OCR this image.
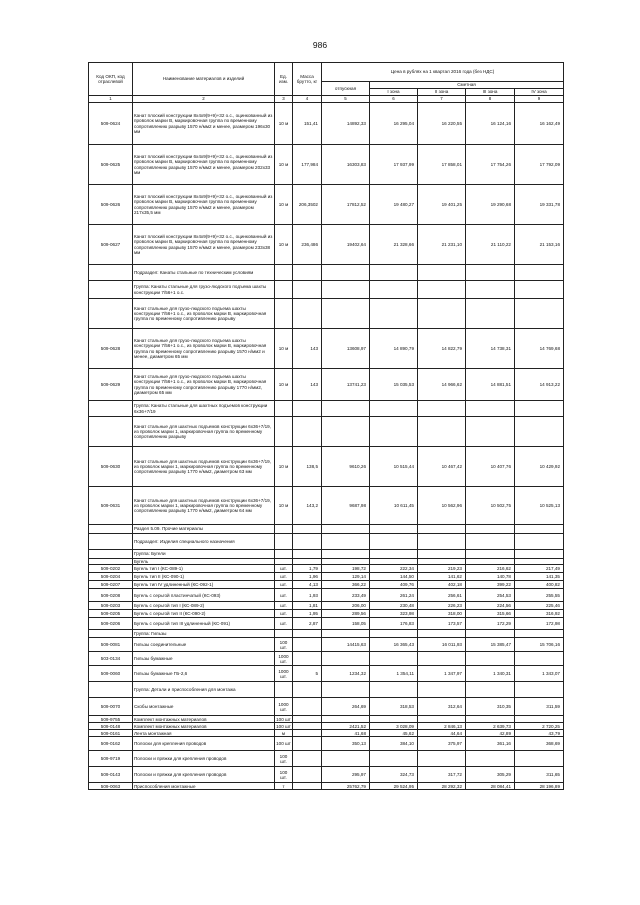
986
Код ОКП, код отраслевой	Наименование материалов и изделий	Ед. изм.	Масса брутто, кг	Цена в рублях на 1 квартал 2016 года (без НДС)				
				отпускная	Сметная			
					I зона	II зона	III зона	IV зона
1	2	3	4	5	6	7	8	9
509-0624	Канат плоский конструкции 8х4х9(9+9)+32 о.с., оцинкованный из проволок марки В, маркировочная группа по временному сопротивлению разрыву 1570 н/мм2 и менее, размером 196х30 мм	10 м	151,41	14892,33	16 295,04	16 220,55	16 124,16	16 162,49
509-0625	Канат плоский конструкции 6х4х9(9+9)+32 о.с., оцинкованный из проволок марки В, маркировочная группа по временному сопротивлению разрыву 1570 н/мм2 и менее, размером 202х33 мм	10 м	177,984	16303,83	17 937,99	17 858,01	17 754,26	17 792,09
509-0626	Канат плоский конструкции 8х4х9(9+9)+32 о.с., оцинкованный из проволок марки В, маркировочная группа по временному сопротивлению разрыву 1570 н/мм2 и менее, размером 217х35,5 мм	10 м	206,3502	17812,52	19 480,27	19 401,25	19 290,68	19 331,78
509-0627	Канат плоский конструкции 8х4х9(9+9)+32 о.с., оцинкованный из проволок марки В, маркировочная группа по временному сопротивлению разрыву 1570 н/мм2 и менее, размером 233х38 мм	10 м	236,486	19402,64	21 328,66	21 231,10	21 110,22	21 153,16
	Подраздел: Канаты стальные по техническим условиям							
	Группа: Канаты стальные для грузо-людского подъема шахты конструкции 7/56+1 о.с.							
	Канат стальные для грузо-людского подъема шахты конструкции 7/56+1 о.с., из проволок марки В, маркировочная группа по временному сопротивлению разрыву							
509-0628	Канат стальные для грузо-людского подъема шахты конструкции 7/56+1 о.с., из проволок марки В, маркировочная группа по временному сопротивлению разрыву 1570 н/мм2 и менее, диаметром 65 мм	10 м	143	13608,97	14 890,79	14 822,79	14 738,31	14 769,68
509-0629	Канат стальные для грузо-людского подъема шахты конструкции 7/56+1 о.с., из проволок марки В, маркировочная группа по временному сопротивлению разрыву 1770 н/мм2, диаметром 65 мм	10 м	143	13741,23	15 035,53	14 966,62	14 881,51	14 913,22
	Группа: Канаты стальные для шахтных подъемов конструкции 6х36+7/19							
	Канат стальные для шахтных подъемов конструкции 6х36+7/19, из проволок марки 1, маркировочная группа по временному сопротивлению разрыву							
509-0630	Канат стальные для шахтных подъемов конструкции 6х36+7/19, из проволок марки 1, маркировочная группа по временному сопротивлению разрыву 1770 н/мм2, диаметром 63 мм	10 м	138,5	9610,26	10 515,44	10 467,42	10 407,76	10 429,92
509-0631	Канат стальные для шахтных подъемов конструкции 6х36+7/19, из проволок марки 1, маркировочная группа по временному сопротивлению разрыву 1770 н/мм2, диаметром 64 мм	10 м	143,2	9687,98	10 611,45	10 562,96	10 502,75	10 525,13
	Раздел 5.09. Прочие материалы							
	Подраздел: Изделия специального назначения							
	Группа: Бугели							
	Бугель							
509-0202	Бугель тип I (КС-089-1)	шт.	1,79	198,72	222,34	219,23	216,62	217,49
509-0204	Бугель тип II (КС-090-1)	шт.	1,96	129,14	144,50	141,62	140,78	141,35
509-0207	Бугель тип IV удлиненный (КС-092-1)	шт.	4,13	366,22	409,76	402,18	399,22	400,82
509-0208	Бугель с серьгой пластинчатый (КС-093)	шт.	1,93	233,49	261,24	256,61	254,53	255,55
509-0203	Бугель с серьгой тип I (КС-089-2)	шт.	1,81	206,00	230,48	226,23	224,56	225,46
509-0205	Бугель с серьгой тип II (КС-090-2)	шт.	1,95	289,56	323,98	318,00	315,66	316,92
509-0206	Бугель с серьгой тип III удлиненный (КС-091)	шт.	2,87	158,05	176,83	173,57	172,29	172,98
	Группа: Гильзы							
509-0081	Гильзы соединительные	100 шт.		14415,63	16 365,43	16 011,93	15 385,47	15 706,16
503-0134	Гильзы бумажные	1000 шт.						
509-0060	Гильзы бумажные ГБ-2,6	1000 шт.	5	1234,32	1 354,11	1 347,97	1 340,31	1 343,07
	Группа: Детали и приспособления для монтажа							
509-0070	Скобы монтажные	1000 шт.		264,69	318,53	312,64	310,35	311,59
509-9755	Комплект монтажных материалов	100 шт						
509-0148	Комплект монтажных материалов	100 шт		2421,52	3 028,09	2 846,13	2 639,73	2 720,25
509-0161	Лента монтажная	м		41,68	45,62	44,64	42,89	43,79
509-0162	Полоски для крепления проводов	100 шт		350,13	384,10	375,97	361,16	368,69
509-9719	Полоски и пряжки для крепления проводов	100 шт.						
509-0143	Полоски и пряжки для крепления проводов	100 шт.		295,97	324,73	317,72	305,29	311,65
509-0063	Приспособления монтажные	т		25762,79	29 524,95	28 292,32	28 084,41	28 196,89
